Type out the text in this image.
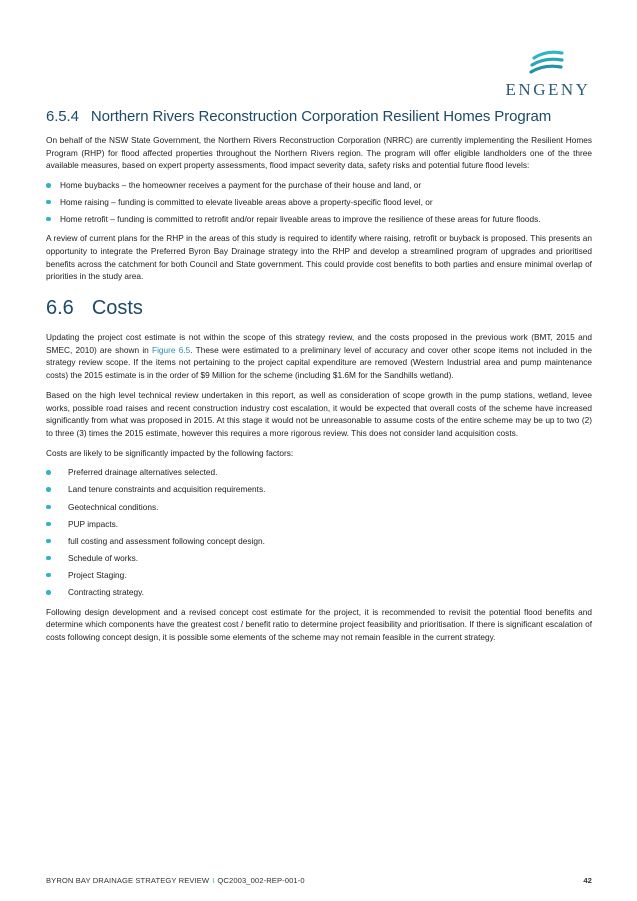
ENGENY
6.5.4 Northern Rivers Reconstruction Corporation Resilient Homes Program

On behalf of the NSW State Government, the Northern Rivers Reconstruction Corporation (NRRC) are currently implementing the Resilient Homes Program (RHP) for flood affected properties throughout the Northern Rivers region. The program will offer eligible landholders one of the three available measures, based on expert property assessments, flood impact severity data, safety risks and potential future flood levels:

Home buybacks – the homeowner receives a payment for the purchase of their house and land, or
Home raising – funding is committed to elevate liveable areas above a property-specific flood level, or
Home retrofit – funding is committed to retrofit and/or repair liveable areas to improve the resilience of these areas for future floods.

A review of current plans for the RHP in the areas of this study is required to identify where raising, retrofit or buyback is proposed. This presents an opportunity to integrate the Preferred Byron Bay Drainage strategy into the RHP and develop a streamlined program of upgrades and prioritised benefits across the catchment for both Council and State government. This could provide cost benefits to both parties and ensure minimal overlap of priorities in the study area.

6.6 Costs

Updating the project cost estimate is not within the scope of this strategy review, and the costs proposed in the previous work (BMT, 2015 and SMEC, 2010) are shown in Figure 6.5. These were estimated to a preliminary level of accuracy and cover other scope items not included in the strategy review scope. If the items not pertaining to the project capital expenditure are removed (Western Industrial area and pump maintenance costs) the 2015 estimate is in the order of $9 Million for the scheme (including $1.6M for the Sandhills wetland).

Based on the high level technical review undertaken in this report, as well as consideration of scope growth in the pump stations, wetland, levee works, possible road raises and recent construction industry cost escalation, it would be expected that overall costs of the scheme have increased significantly from what was proposed in 2015. At this stage it would not be unreasonable to assume costs of the entire scheme may be up to two (2) to three (3) times the 2015 estimate, however this requires a more rigorous review. This does not consider land acquisition costs.

Costs are likely to be significantly impacted by the following factors:

Preferred drainage alternatives selected.
Land tenure constraints and acquisition requirements.
Geotechnical conditions.
PUP impacts.
full costing and assessment following concept design.
Schedule of works.
Project Staging.
Contracting strategy.

Following design development and a revised concept cost estimate for the project, it is recommended to revisit the potential flood benefits and determine which components have the greatest cost / benefit ratio to determine project feasibility and prioritisation. If there is significant escalation of costs following concept design, it is possible some elements of the scheme may not remain feasible in the current strategy.

BYRON BAY DRAINAGE STRATEGY REVIEW I QC2003_002-REP-001-0	42
